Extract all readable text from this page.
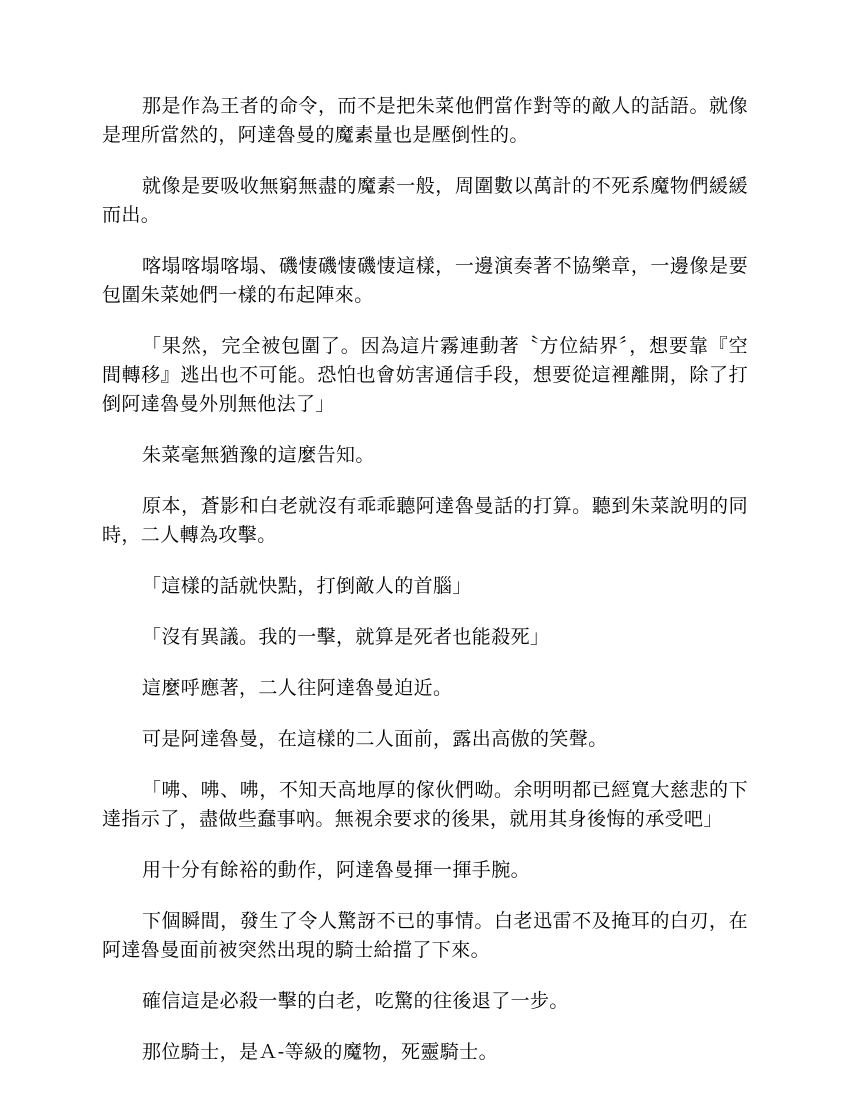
那是作為王者的命令，而不是把朱菜他們當作對等的敵人的話語。就像是理所當然的，阿達魯曼的魔素量也是壓倒性的。

就像是要吸收無窮無盡的魔素一般，周圍數以萬計的不死系魔物們緩緩而出。

喀塌喀塌喀塌、磯悽磯悽磯悽這樣，一邊演奏著不協樂章，一邊像是要包圍朱菜她們一樣的布起陣來。

「果然，完全被包圍了。因為這片霧連動著〝方位結界〞，想要靠『空間轉移』逃出也不可能。恐怕也會妨害通信手段，想要從這裡離開，除了打倒阿達魯曼外別無他法了」

朱菜毫無猶豫的這麼告知。

原本，蒼影和白老就沒有乖乖聽阿達魯曼話的打算。聽到朱菜說明的同時，二人轉為攻擊。

「這樣的話就快點，打倒敵人的首腦」

「沒有異議。我的一擊，就算是死者也能殺死」

這麼呼應著，二人往阿達魯曼迫近。

可是阿達魯曼，在這樣的二人面前，露出高傲的笑聲。

「咈、咈、咈，不知天高地厚的傢伙們呦。余明明都已經寬大慈悲的下達指示了，盡做些蠢事吶。無視余要求的後果，就用其身後悔的承受吧」

用十分有餘裕的動作，阿達魯曼揮一揮手腕。

下個瞬間，發生了令人驚訝不已的事情。白老迅雷不及掩耳的白刃，在阿達魯曼面前被突然出現的騎士給擋了下來。

確信這是必殺一擊的白老，吃驚的往後退了一步。

那位騎士，是Ａ-等級的魔物，死靈騎士。
